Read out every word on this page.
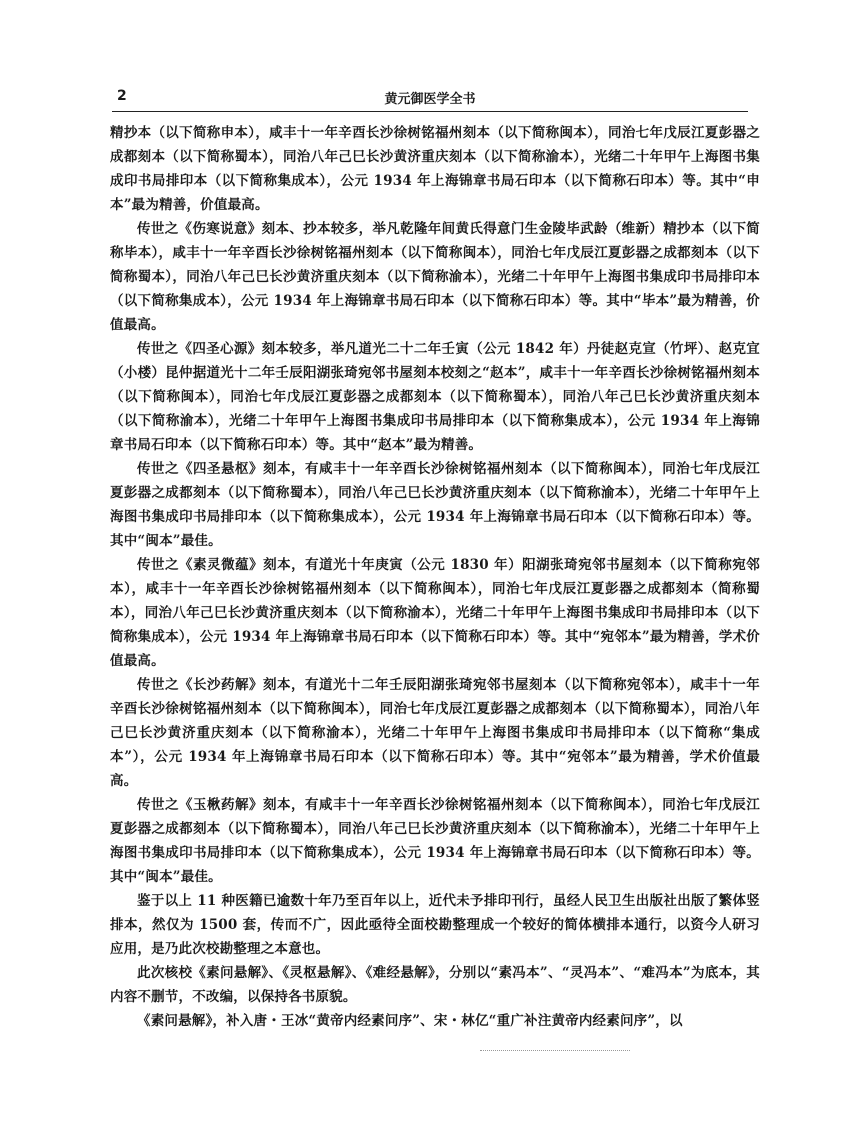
2	黄元御医学全书

精抄本（以下简称申本），咸丰十一年辛酉长沙徐树铭福州刻本（以下简称闽本），同治七年戊辰江夏彭器之成都刻本（以下简称蜀本），同治八年己巳长沙黄济重庆刻本（以下简称渝本），光绪二十年甲午上海图书集成印书局排印本（以下简称集成本），公元 1934 年上海锦章书局石印本（以下简称石印本）等。其中“申本”最为精善，价值最高。

传世之《伤寒说意》刻本、抄本较多，举凡乾隆年间黄氏得意门生金陵毕武龄（维新）精抄本（以下简称毕本），咸丰十一年辛酉长沙徐树铭福州刻本（以下简称闽本），同治七年戊辰江夏彭器之成都刻本（以下简称蜀本），同治八年己巳长沙黄济重庆刻本（以下简称渝本），光绪二十年甲午上海图书集成印书局排印本（以下简称集成本），公元 1934 年上海锦章书局石印本（以下简称石印本）等。其中“毕本”最为精善，价值最高。

传世之《四圣心源》刻本较多，举凡道光二十二年壬寅（公元 1842 年）丹徒赵克宣（竹坪）、赵克宜（小楼）昆仲据道光十二年壬辰阳湖张琦宛邻书屋刻本校刻之“赵本”，咸丰十一年辛酉长沙徐树铭福州刻本（以下简称闽本），同治七年戊辰江夏彭器之成都刻本（以下简称蜀本），同治八年己巳长沙黄济重庆刻本（以下简称渝本），光绪二十年甲午上海图书集成印书局排印本（以下简称集成本），公元 1934 年上海锦章书局石印本（以下简称石印本）等。其中“赵本”最为精善。

传世之《四圣悬枢》刻本，有咸丰十一年辛酉长沙徐树铭福州刻本（以下简称闽本），同治七年戊辰江夏彭器之成都刻本（以下简称蜀本），同治八年己巳长沙黄济重庆刻本（以下简称渝本），光绪二十年甲午上海图书集成印书局排印本（以下简称集成本），公元 1934 年上海锦章书局石印本（以下简称石印本）等。其中“闽本”最佳。

传世之《素灵微蕴》刻本，有道光十年庚寅（公元 1830 年）阳湖张琦宛邻书屋刻本（以下简称宛邻本），咸丰十一年辛酉长沙徐树铭福州刻本（以下简称闽本），同治七年戊辰江夏彭器之成都刻本（简称蜀本），同治八年己巳长沙黄济重庆刻本（以下简称渝本），光绪二十年甲午上海图书集成印书局排印本（以下简称集成本），公元 1934 年上海锦章书局石印本（以下简称石印本）等。其中“宛邻本”最为精善，学术价值最高。

传世之《长沙药解》刻本，有道光十二年壬辰阳湖张琦宛邻书屋刻本（以下简称宛邻本），咸丰十一年辛酉长沙徐树铭福州刻本（以下简称闽本），同治七年戊辰江夏彭器之成都刻本（以下简称蜀本），同治八年己巳长沙黄济重庆刻本（以下简称渝本），光绪二十年甲午上海图书集成印书局排印本（以下简称“集成本”），公元 1934 年上海锦章书局石印本（以下简称石印本）等。其中“宛邻本”最为精善，学术价值最高。

传世之《玉楸药解》刻本，有咸丰十一年辛酉长沙徐树铭福州刻本（以下简称闽本），同治七年戊辰江夏彭器之成都刻本（以下简称蜀本），同治八年己巳长沙黄济重庆刻本（以下简称渝本），光绪二十年甲午上海图书集成印书局排印本（以下简称集成本），公元 1934 年上海锦章书局石印本（以下简称石印本）等。其中“闽本”最佳。

鉴于以上 11 种医籍已逾数十年乃至百年以上，近代未予排印刊行，虽经人民卫生出版社出版了繁体竖排本，然仅为 1500 套，传而不广，因此亟待全面校勘整理成一个较好的简体横排本通行，以资今人研习应用，是乃此次校勘整理之本意也。

此次核校《素问悬解》、《灵枢悬解》、《难经悬解》，分别以“素冯本”、“灵冯本”、“难冯本”为底本，其内容不删节，不改编，以保持各书原貌。

《素问悬解》，补入唐・王冰“黄帝内经素问序”、宋・林亿“重广补注黄帝内经素问序”，以
